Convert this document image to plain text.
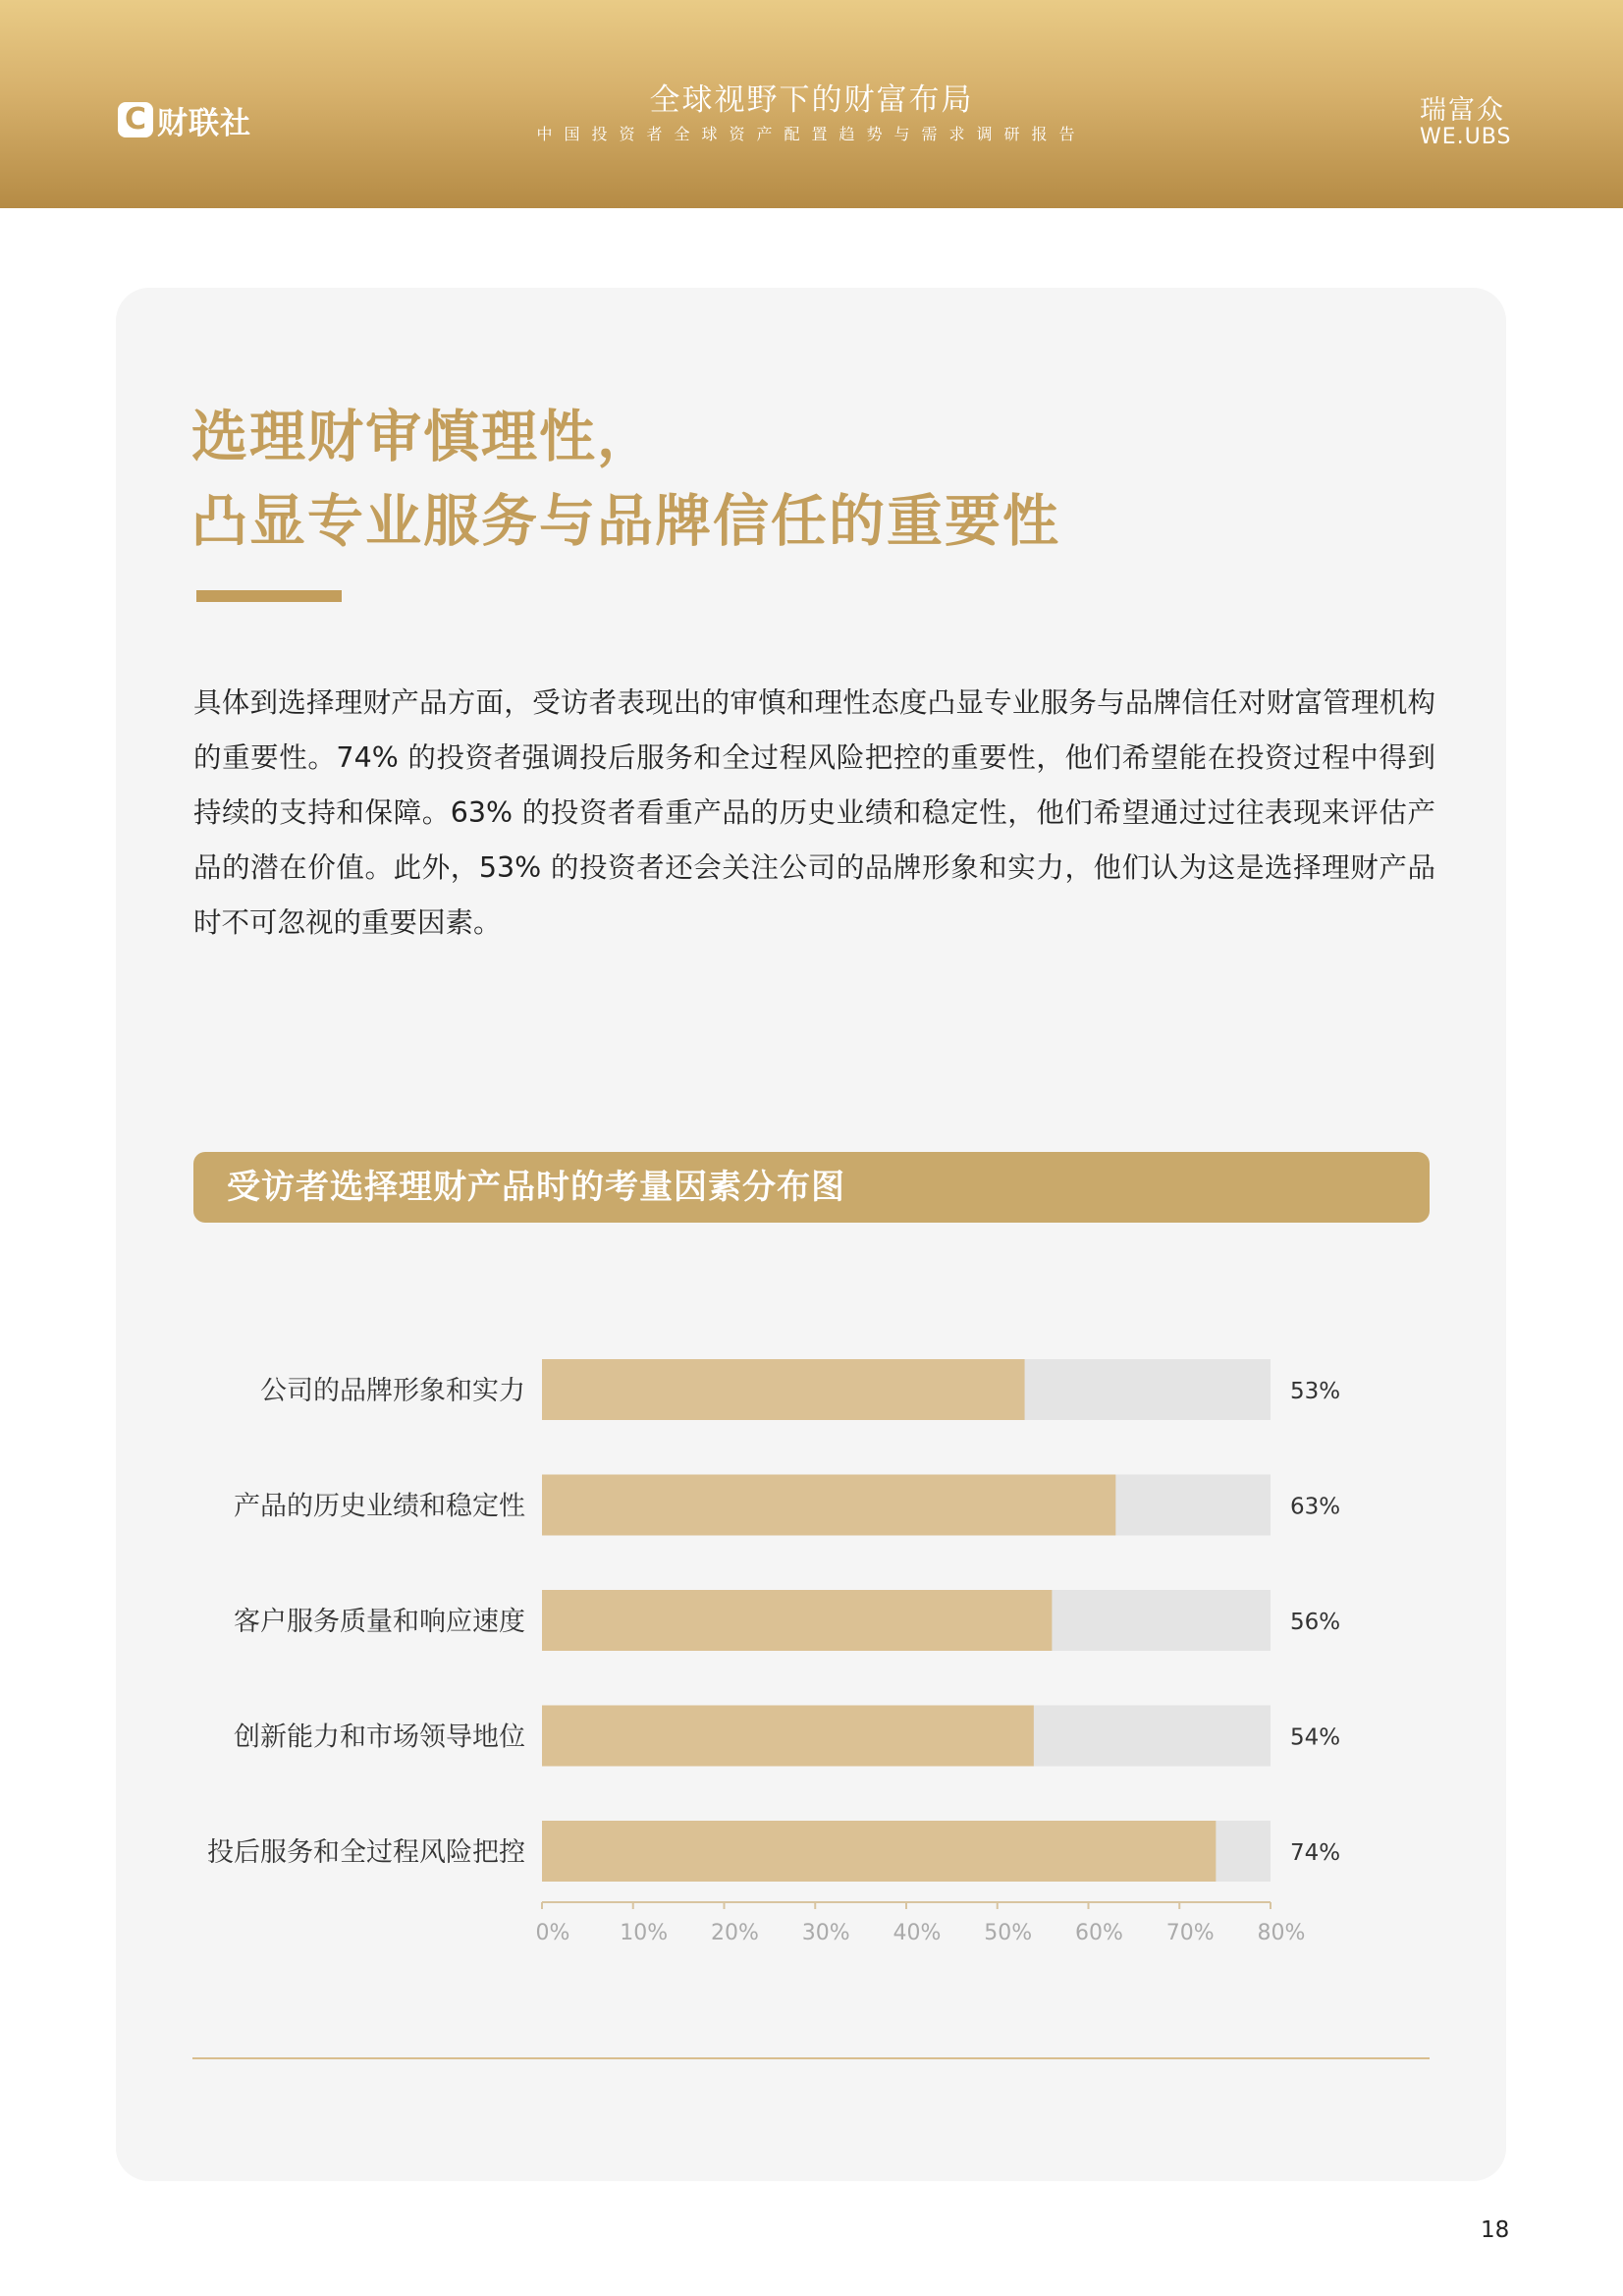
C 财联社
全球视野下的财富布局
中国投资者全球资产配置趋势与需求调研报告
瑞富众
WE.UBS
选理财审慎理性，
凸显专业服务与品牌信任的重要性
具体到选择理财产品方面，受访者表现出的审慎和理性态度凸显专业服务与品牌信任对财富管理机构的重要性。74% 的投资者强调投后服务和全过程风险把控的重要性，他们希望能在投资过程中得到持续的支持和保障。63% 的投资者看重产品的历史业绩和稳定性，他们希望通过过往表现来评估产品的潜在价值。此外，53% 的投资者还会关注公司的品牌形象和实力，他们认为这是选择理财产品时不可忽视的重要因素。
受访者选择理财产品时的考量因素分布图
公司的品牌形象和实力	53%
产品的历史业绩和稳定性	63%
客户服务质量和响应速度	56%
创新能力和市场领导地位	54%
投后服务和全过程风险把控	74%
0% 10% 20% 30% 40% 50% 60% 70% 80%
18
